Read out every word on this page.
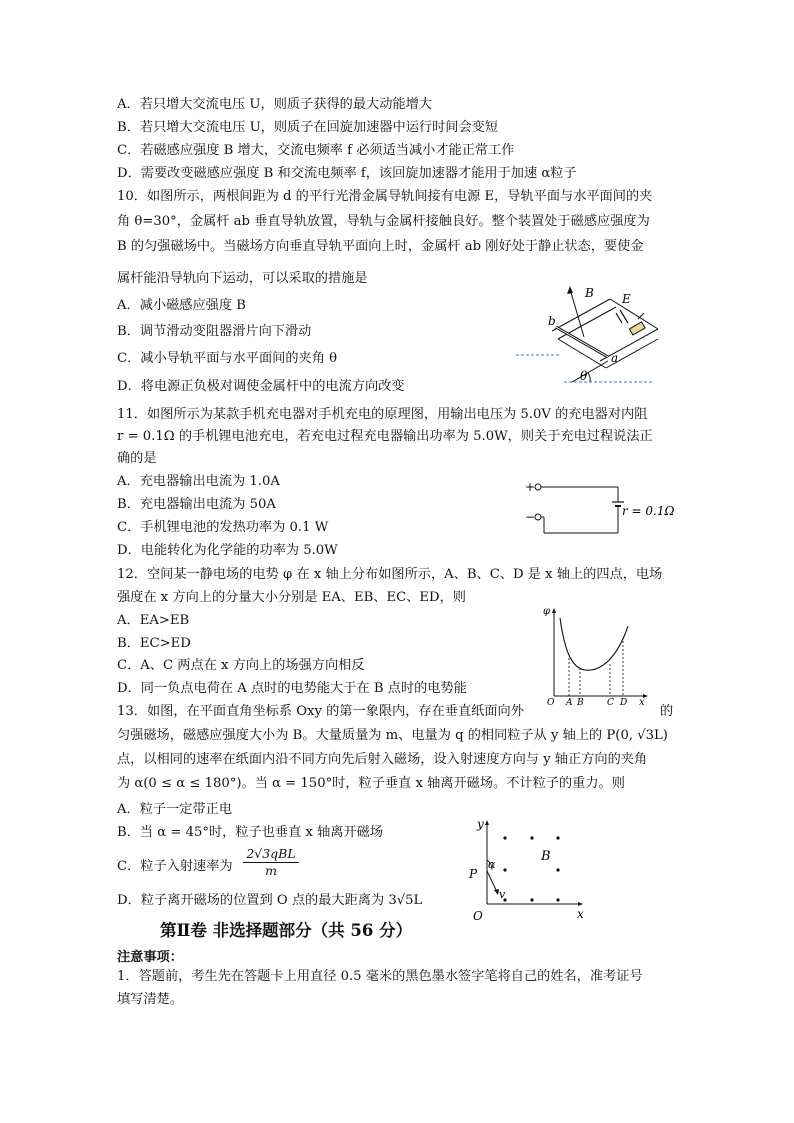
A．若只增大交流电压 U，则质子获得的最大动能增大
B．若只增大交流电压 U，则质子在回旋加速器中运行时间会变短
C．若磁感应强度 B 增大，交流电频率 f 必须适当减小才能正常工作
D．需要改变磁感应强度 B 和交流电频率 f，该回旋加速器才能用于加速 α粒子
10．如图所示，两根间距为 d 的平行光滑金属导轨间接有电源 E，导轨平面与水平面间的夹
角 θ=30°，金属杆 ab 垂直导轨放置，导轨与金属杆接触良好。整个装置处于磁感应强度为
B 的匀强磁场中。当磁场方向垂直导轨平面向上时，金属杆 ab 刚好处于静止状态，要使金
属杆能沿导轨向下运动，可以采取的措施是
A．减小磁感应强度 B
B．调节滑动变阻器滑片向下滑动
C．减小导轨平面与水平面间的夹角 θ
D．将电源正负极对调使金属杆中的电流方向改变
B E
b
a
θ
11．如图所示为某款手机充电器对手机充电的原理图，用输出电压为 5.0V 的充电器对内阻
r = 0.1Ω 的手机锂电池充电，若充电过程充电器输出功率为 5.0W，则关于充电过程说法正
确的是
A．充电器输出电流为 1.0A
B．充电器输出电流为 50A
C．手机锂电池的发热功率为 0.1 W
D．电能转化为化学能的功率为 5.0W
+
−	r = 0.1Ω
12．空间某一静电场的电势 φ 在 x 轴上分布如图所示，A、B、C、D 是 x 轴上的四点，电场
强度在 x 方向上的分量大小分别是 EA、EB、EC、ED，则
A．EA>EB
B．EC>ED
C．A、C 两点在 x 方向上的场强方向相反
D．同一负点电荷在 A 点时的电势能大于在 B 点时的电势能
φ
x
O A B	C D
13．如图，在平面直角坐标系 Oxy 的第一象限内，存在垂直纸面向外	的
匀强磁场，磁感应强度大小为 B。大量质量为 m、电量为 q 的相同粒子从 y 轴上的 P(0, √3L)
点，以相同的速率在纸面内沿不同方向先后射入磁场，设入射速度方向与 y 轴正方向的夹角
为 α(0 ≤ α ≤ 180°)。当 α = 150°时，粒子垂直 x 轴离开磁场。不计粒子的重力。则
A．粒子一定带正电
B．当 α = 45°时，粒子也垂直 x 轴离开磁场
C．粒子入射速率为
2√3qBL
m
D．粒子离开磁场的位置到 O 点的最大距离为 3√5L
y
x
O
P
α
v
B
第Ⅱ卷 非选择题部分（共 56 分）
注意事项：
1．答题前，考生先在答题卡上用直径 0.5 毫米的黑色墨水签字笔将自己的姓名，准考证号
填写清楚。
